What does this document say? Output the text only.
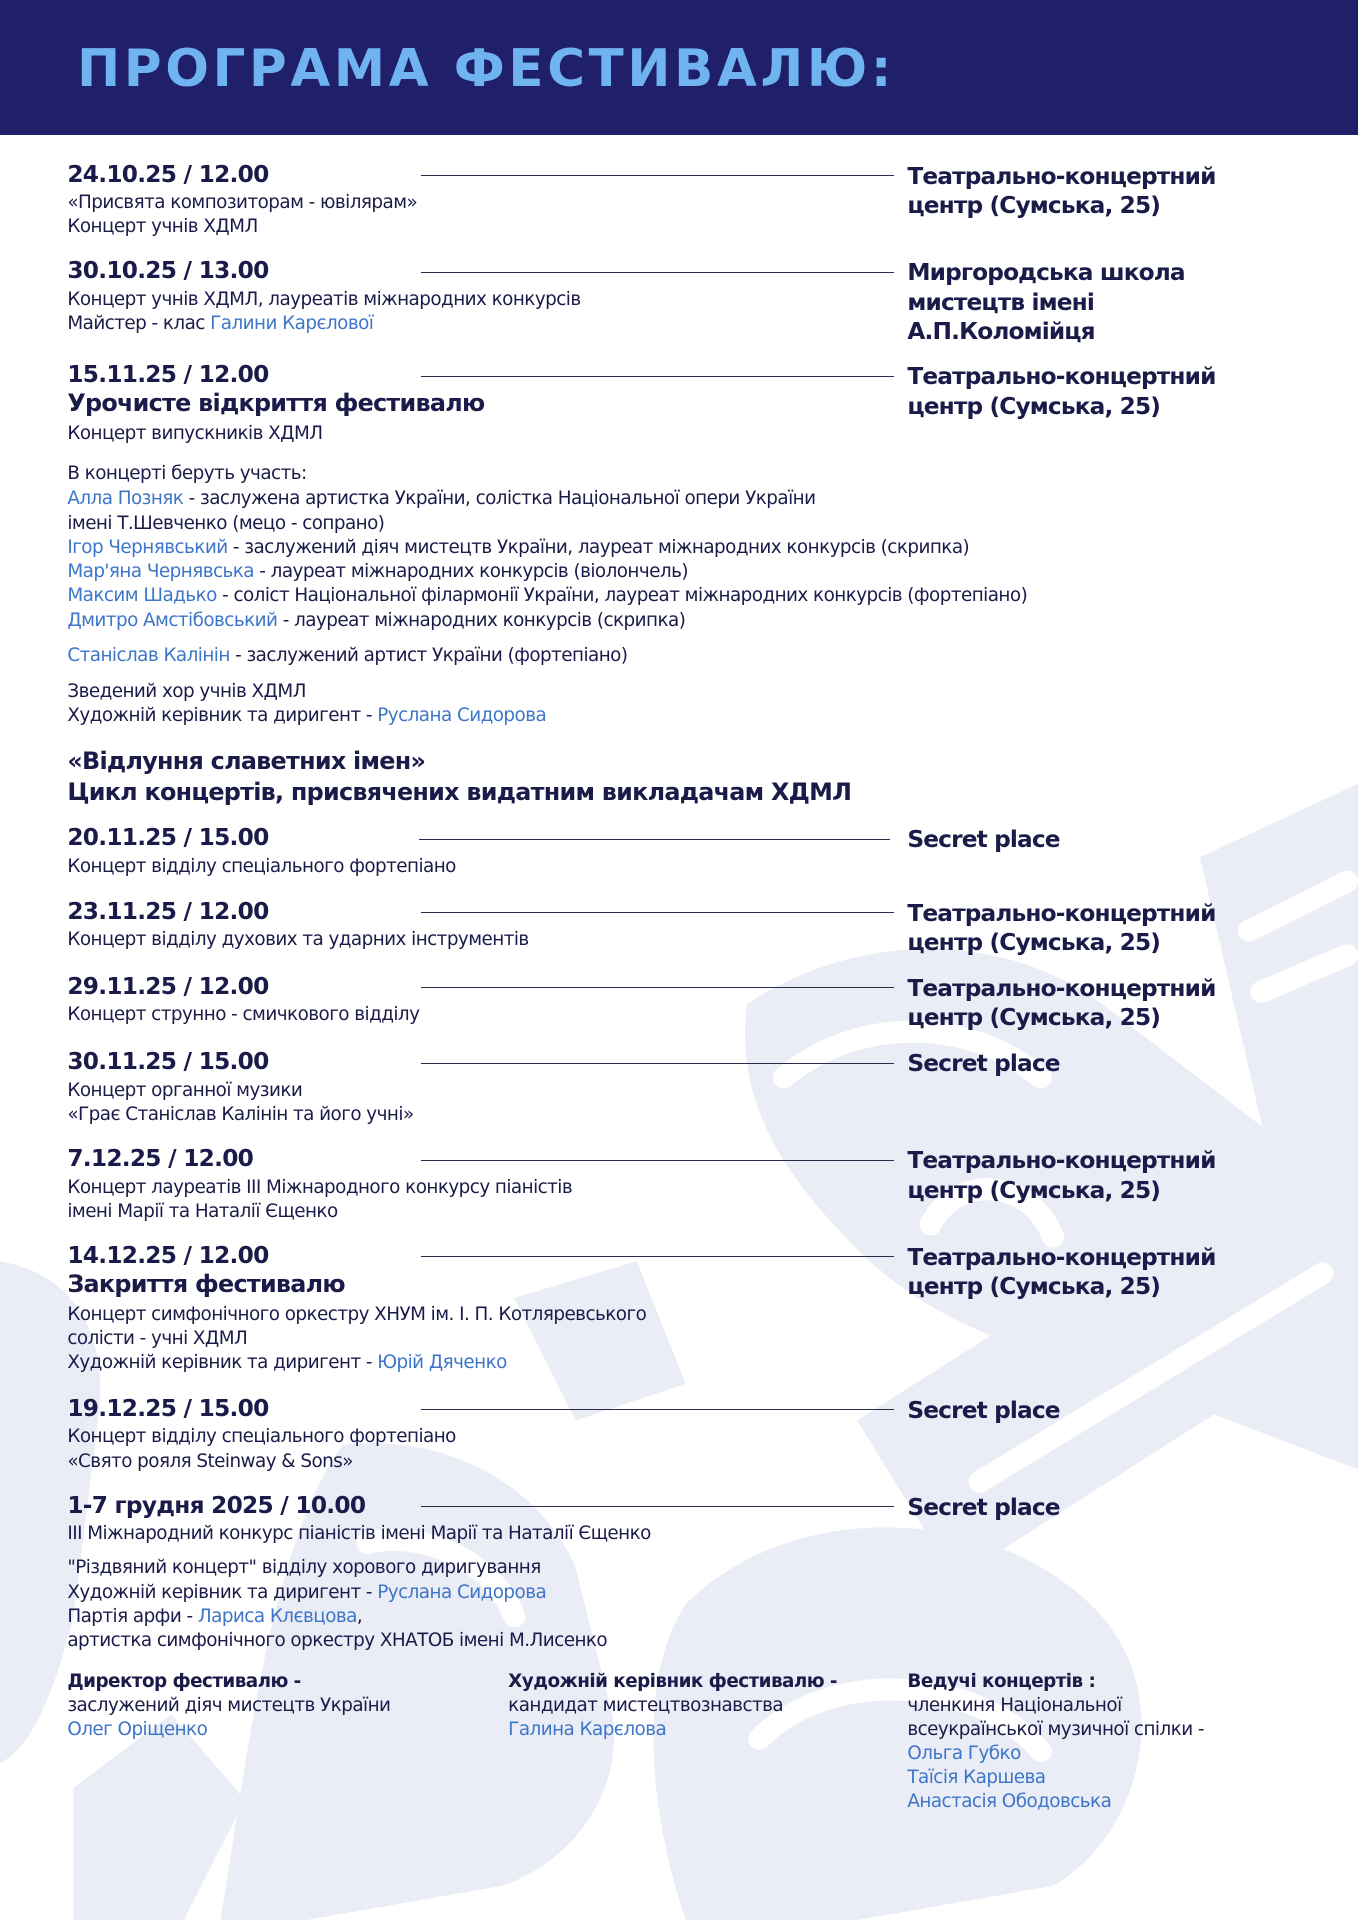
ПРОГРАМА ФЕСТИВАЛЮ:
24.10.25 / 12.00	Театрально-концертний
центр (Сумська, 25)
«Присвята композиторам - ювілярам»
Концерт учнів ХДМЛ
30.10.25 / 13.00	Миргородська школа
мистецтв імені
А.П.Коломійця
Концерт учнів ХДМЛ, лауреатів міжнародних конкурсів
Майстер - клас Галини Карєлової
15.11.25 / 12.00	Театрально-концертний
центр (Сумська, 25)
Урочисте відкриття фестивалю
Концерт випускників ХДМЛ
В концерті беруть участь:
Алла Позняк - заслужена артистка України, солістка Національної опери України
імені Т.Шевченко (мецо - сопрано)
Ігор Чернявський - заслужений діяч мистецтв України, лауреат міжнародних конкурсів (скрипка)
Мар'яна Чернявська - лауреат міжнародних конкурсів (віолончель)
Максим Шадько - соліст Національної філармонії України, лауреат міжнародних конкурсів (фортепіано)
Дмитро Амстібовський - лауреат міжнародних конкурсів (скрипка)
Станіслав Калінін - заслужений артист України (фортепіано)
Зведений хор учнів ХДМЛ
Художній керівник та диригент - Руслана Сидорова
«Відлуння славетних імен»
Цикл концертів, присвячених видатним викладачам ХДМЛ
20.11.25 / 15.00	Secret place
Концерт відділу спеціального фортепіано
23.11.25 / 12.00	Театрально-концертний
центр (Сумська, 25)
Концерт відділу духових та ударних інструментів
29.11.25 / 12.00	Театрально-концертний
центр (Сумська, 25)
Концерт струнно - смичкового відділу
30.11.25 / 15.00	Secret place
Концерт органної музики
«Грає Станіслав Калінін та його учні»
7.12.25 / 12.00	Театрально-концертний
центр (Сумська, 25)
Концерт лауреатів ІІІ Міжнародного конкурсу піаністів
імені Марії та Наталії Єщенко
14.12.25 / 12.00	Театрально-концертний
центр (Сумська, 25)
Закриття фестивалю
Концерт симфонічного оркестру ХНУМ ім. І. П. Котляревського
солісти - учні ХДМЛ
Художній керівник та диригент - Юрій Дяченко
19.12.25 / 15.00	Secret place
Концерт відділу спеціального фортепіано
«Свято рояля Steinway & Sons»
1-7 грудня 2025 / 10.00	Secret place
ІІІ Міжнародний конкурс піаністів імені Марії та Наталії Єщенко
"Різдвяний концерт" відділу хорового диригування
Художній керівник та диригент - Руслана Сидорова
Партія арфи - Лариса Клєвцова,
артистка симфонічного оркестру ХНАТОБ імені М.Лисенко
Директор фестивалю -
заслужений діяч мистецтв України
Олег Оріщенко
Художній керівник фестивалю -
кандидат мистецтвознавства
Галина Карєлова
Ведучі концертів :
членкиня Національної
всеукраїнської музичної спілки -
Ольга Губко
Таїсія Каршева
Анастасія Ободовська
